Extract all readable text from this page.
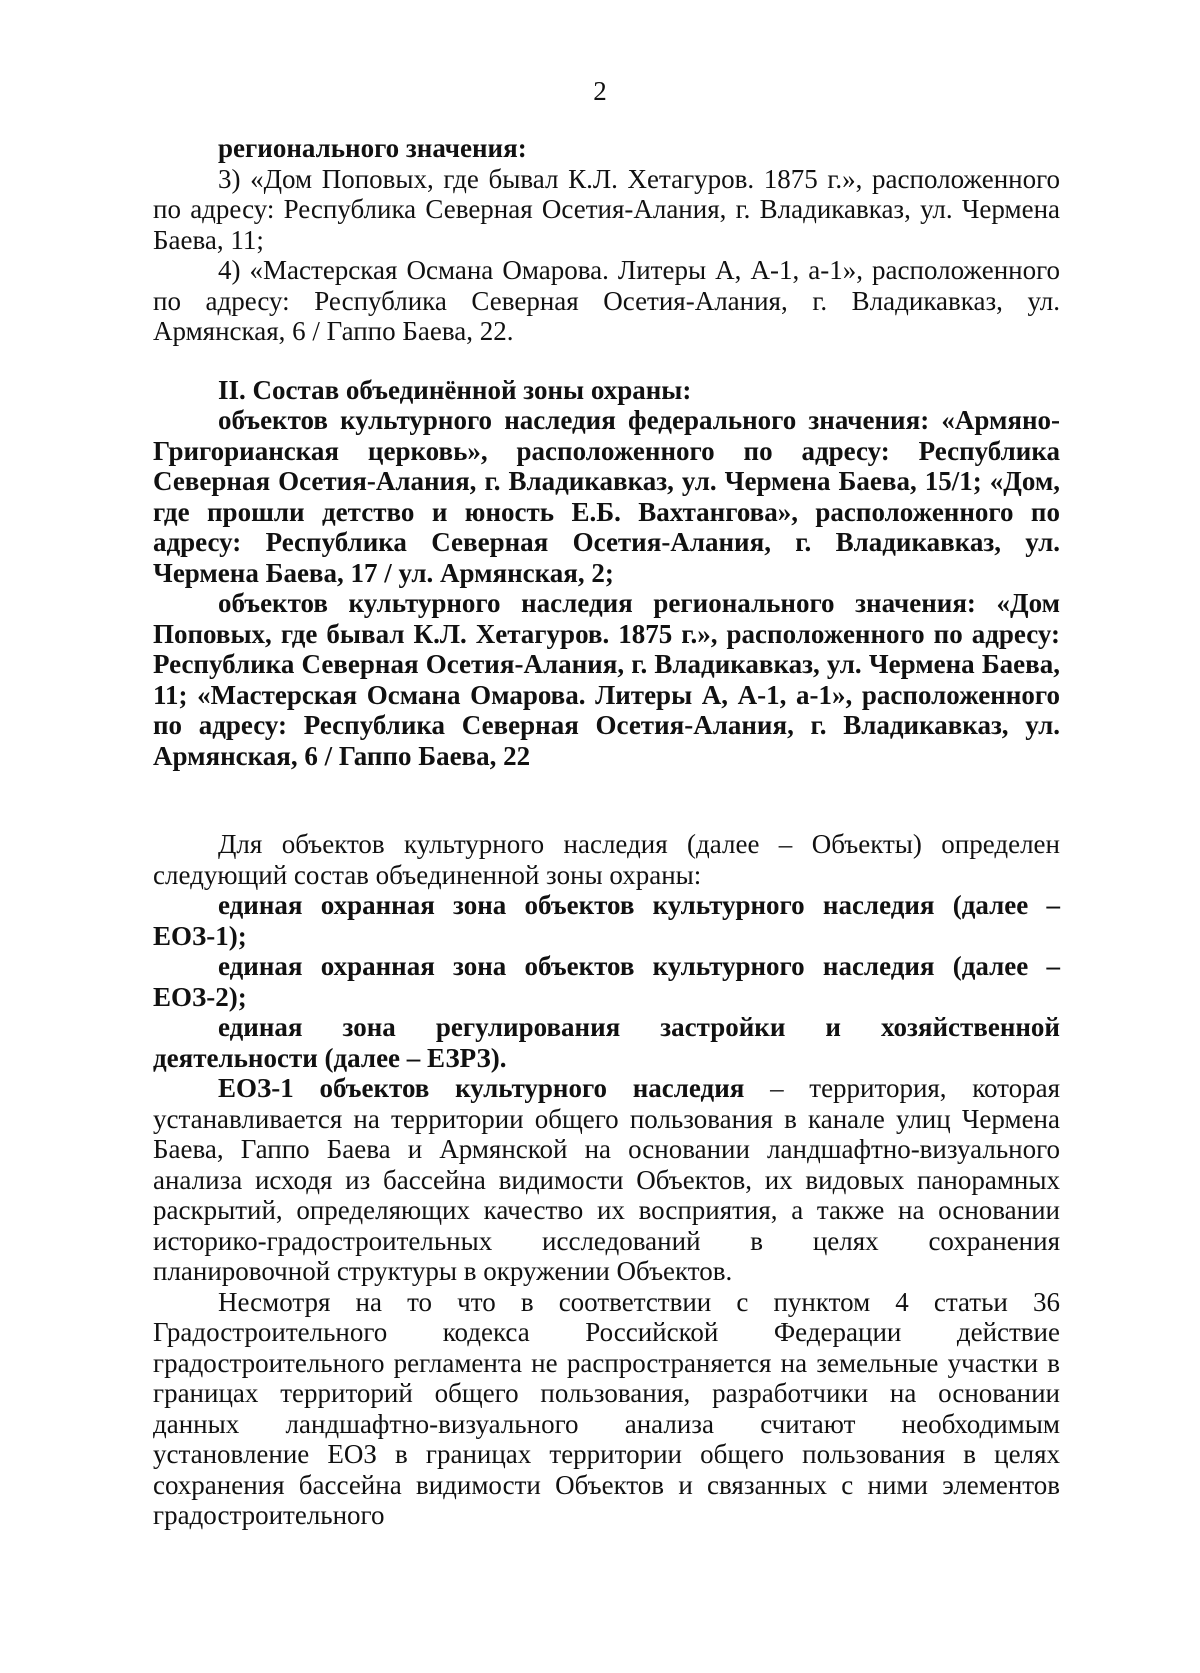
2

регионального значения:

3) «Дом Поповых, где бывал К.Л. Хетагуров. 1875 г.», расположенного по адресу: Республика Северная Осетия-Алания, г. Владикавказ, ул. Чермена Баева, 11;

4) «Мастерская Османа Омарова. Литеры А, А-1, а-1», расположенного по адресу: Республика Северная Осетия-Алания, г. Владикавказ, ул. Армянская, 6 / Гаппо Баева, 22.

II. Состав объединённой зоны охраны:

объектов культурного наследия федерального значения: «Армяно-Григорианская церковь», расположенного по адресу: Республика Северная Осетия-Алания, г. Владикавказ, ул. Чермена Баева, 15/1; «Дом, где прошли детство и юность Е.Б. Вахтангова», расположенного по адресу: Республика Северная Осетия-Алания, г. Владикавказ, ул. Чермена Баева, 17 / ул. Армянская, 2;

объектов культурного наследия регионального значения: «Дом Поповых, где бывал К.Л. Хетагуров. 1875 г.», расположенного по адресу: Республика Северная Осетия-Алания, г. Владикавказ, ул. Чермена Баева, 11; «Мастерская Османа Омарова. Литеры А, А-1, а-1», расположенного по адресу: Республика Северная Осетия-Алания, г. Владикавказ, ул. Армянская, 6 / Гаппо Баева, 22

Для объектов культурного наследия (далее – Объекты) определен следующий состав объединенной зоны охраны:

единая охранная зона объектов культурного наследия (далее – ЕОЗ-1);

единая охранная зона объектов культурного наследия (далее – ЕОЗ-2);

единая зона регулирования застройки и хозяйственной деятельности (далее – ЕЗРЗ).

ЕОЗ-1 объектов культурного наследия – территория, которая устанавливается на территории общего пользования в канале улиц Чермена Баева, Гаппо Баева и Армянской на основании ландшафтно-визуального анализа исходя из бассейна видимости Объектов, их видовых панорамных раскрытий, определяющих качество их восприятия, а также на основании историко-градостроительных исследований в целях сохранения планировочной структуры в окружении Объектов.

Несмотря на то что в соответствии с пунктом 4 статьи 36 Градостроительного кодекса Российской Федерации действие градостроительного регламента не распространяется на земельные участки в границах территорий общего пользования, разработчики на основании данных ландшафтно-визуального анализа считают необходимым установление ЕОЗ в границах территории общего пользования в целях сохранения бассейна видимости Объектов и связанных с ними элементов градостроительного
